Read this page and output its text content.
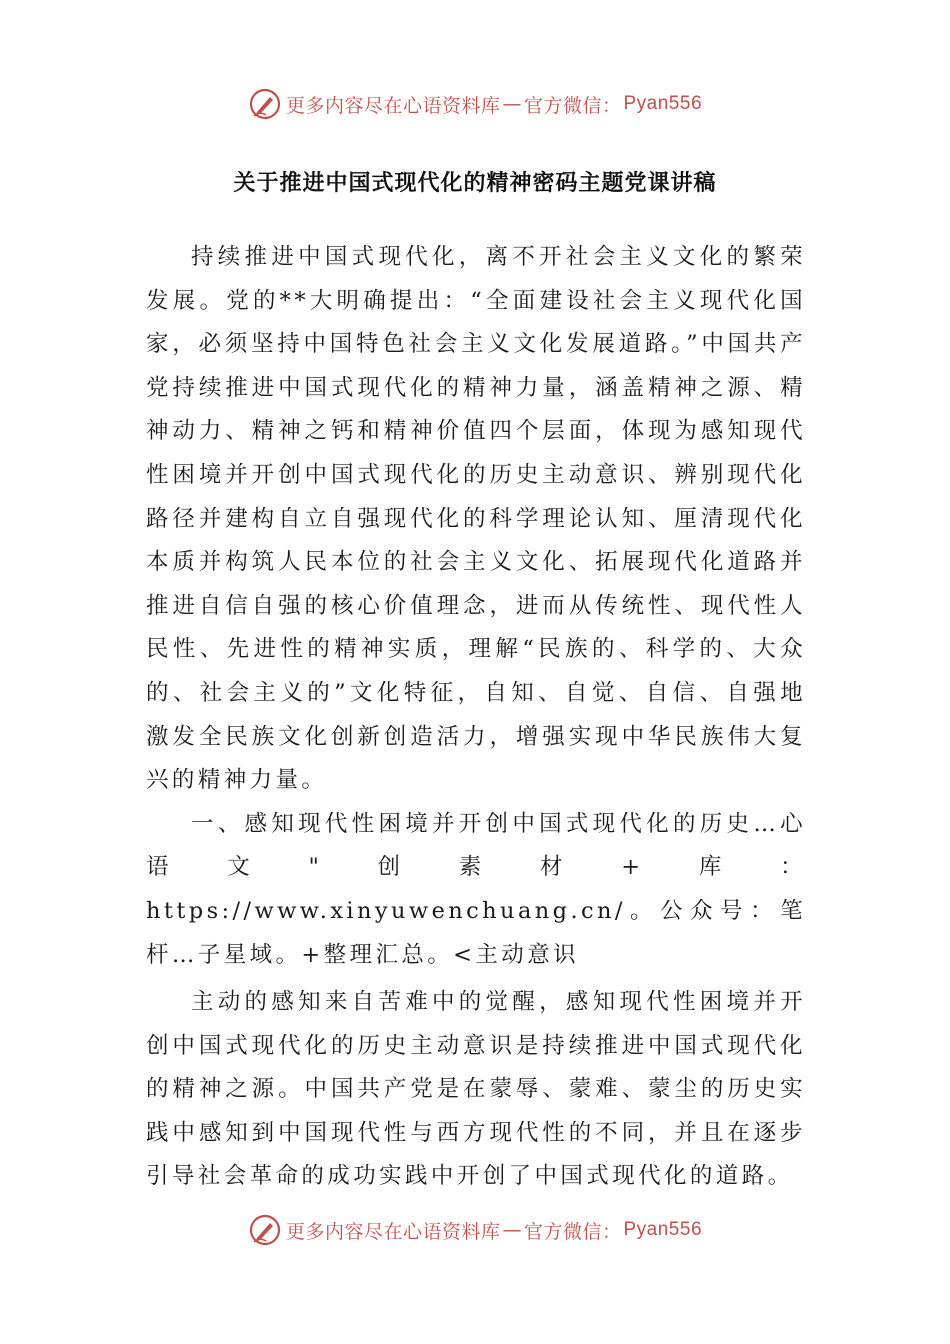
更多内容尽在心语资料库 — 官方微信： Pyan556
关于推进中国式现代化的精神密码主题党课讲稿

持续推进中国式现代化，离不开社会主义文化的繁荣发展。党的**大明确提出：“全面建设社会主义现代化国家，必须坚持中国特色社会主义文化发展道路。”中国共产党持续推进中国式现代化的精神力量，涵盖精神之源、精神动力、精神之钙和精神价值四个层面，体现为感知现代性困境并开创中国式现代化的历史主动意识、辨别现代化路径并建构自立自强现代化的科学理论认知、厘清现代化本质并构筑人民本位的社会主义文化、拓展现代化道路并推进自信自强的核心价值理念，进而从传统性、现代性人民性、先进性的精神实质，理解“民族的、科学的、大众的、社会主义的”文化特征，自知、自觉、自信、自强地激发全民族文化创新创造活力，增强实现中华民族伟大复兴的精神力量。

一、感知现代性困境并开创中国式现代化的历史…心语文"创素材+库：https://www.xinyuwenchuang.cn/。公众号：笔杆…子星域。+整理汇总。<主动意识

主动的感知来自苦难中的觉醒，感知现代性困境并开创中国式现代化的历史主动意识是持续推进中国式现代化的精神之源。中国共产党是在蒙辱、蒙难、蒙尘的历史实践中感知到中国现代性与西方现代性的不同，并且在逐步引导社会革命的成功实践中开创了中国式现代化的道路。

更多内容尽在心语资料库 — 官方微信： Pyan556
